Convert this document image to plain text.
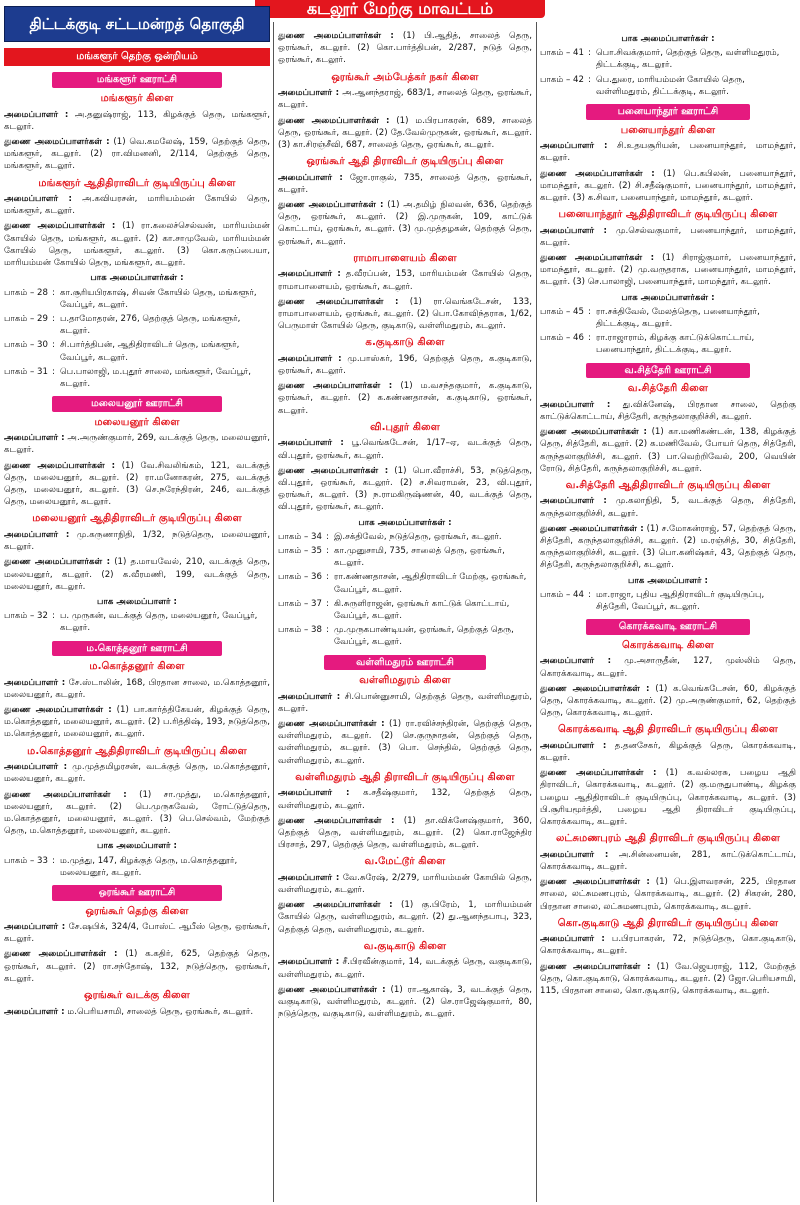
கடலூர் மேற்கு மாவட்டம்
திட்டக்குடி சட்டமன்றத் தொகுதி
மங்களூர் தெற்கு ஒன்றியம்
மங்களூர் ஊராட்சி
மங்களூர் கிளை
அமைப்பாளர் : அ.தனுஷ்ராஜ், 113, கிழக்குத் தெரு, மங்களூர், கடலூர்.
துணை அமைப்பாளர்கள் : (1) வெ.கமலேஷ், 159, தெற்குத் தெரு, மங்களூர், கடலூர். (2) ரா.விமனனி, 2/114, தெற்குத் தெரு, மங்களூர், கடலூர்.
மங்களூர் ஆதிதிராவிடர் குடியிருப்பு கிளை
அமைப்பாளர் : அ.கவியரசன், மாரியம்மன் கோயில் தெரு, மங்களூர், கடலூர்.
துணை அமைப்பாளர்கள் : (1) ரா.கலைச்செல்வன், மாரியம்மன் கோயில் தெரு, மங்களூர், கடலூர். (2) கா.சாமுவேல், மாரியம்மன் கோயில் தெரு, மங்களூர், கடலூர். (3) கொ.கருப்பையா, மாரியம்மன் கோயில் தெரு, மங்களூர், கடலூர்.
பாக அமைப்பாளர்கள் :
பாகம் – 28 : கா.சூரியபிரகாஷ், சிவன் கோயில் தெரு, மங்களூர், வேப்பூர், கடலூர்.
பாகம் – 29 : ப.தாமோதரன், 276, தெற்குத் தெரு, மங்களூர், கடலூர்.
பாகம் – 30 : சி.பார்த்திபன், ஆதிதிராவிடர் தெரு, மங்களூர், வேப்பூர், கடலூர்.
பாகம் – 31 : பெ.பாலாஜி, ம.புதூர் சாலை, மங்களூர், வேப்பூர், கடலூர்.
மலையனூர் ஊராட்சி
மலையனூர் கிளை
அமைப்பாளர் : அ.அருண்குமார், 269, வடக்குத் தெரு, மலையனூர், கடலூர்.
துணை அமைப்பாளர்கள் : (1) வே.சிவலிங்கம், 121, வடக்குத் தெரு, மலையனூர், கடலூர். (2) ரா.மனோகரன், 275, வடக்குத் தெரு, மலையனூர், கடலூர். (3) செ.நரேந்திரன், 246, வடக்குத் தெரு, மலையனூர், கடலூர்.
மலையனூர் ஆதிதிராவிடர் குடியிருப்பு கிளை
அமைப்பாளர் : மு.கருணாநிதி, 1/32, நடுத்தெரு, மலையனூர், கடலூர்.
துணை அமைப்பாளர்கள் : (1) த.மாயவேல், 210, வடக்குத் தெரு, மலையனூர், கடலூர். (2) க.வீரமணி, 199, வடக்குத் தெரு, மலையனூர், கடலூர்.
பாக அமைப்பாளர் :
பாகம் – 32 : ப. முருகன், வடக்குத் தெரு, மலையனூர், வேப்பூர், கடலூர்.
ம.கொத்தனூர் ஊராட்சி
ம.கொத்தனூர் கிளை
அமைப்பாளர் : சே.ஸ்டாலின், 168, பிரதான சாலை, ம.கொத்தனூர், மலையனூர், கடலூர்.
துணை அமைப்பாளர்கள் : (1) பா.கார்த்திகேயன், கிழக்குத் தெரு, ம.கொத்தனூர், மலையனூர், கடலூர். (2) ப.ரித்திஷ், 193, நடுத்தெரு, ம.கொத்தனூர், மலையனூர், கடலூர்.
ம.கொத்தனூர் ஆதிதிராவிடர் குடியிருப்பு கிளை
அமைப்பாளர் : மு.முத்தமிழரசன், வடக்குத் தெரு, ம.கொத்தனூர், மலையனூர், கடலூர்.
துணை அமைப்பாளர்கள் : (1) சா.முத்து, ம.கொத்தனூர், மலையனூர், கடலூர். (2) பெ.முருகவேல், ரோட்டுத்தெரு, ம.கொத்தனூர், மலையனூர், கடலூர். (3) பெ.செல்வம், மேற்குத் தெரு, ம.கொத்தனூர், மலையனூர், கடலூர்.
பாக அமைப்பாளர் :
பாகம் – 33 : ம.முத்து, 147, கிழக்குத் தெரு, ம.கொத்தனூர், மலையனூர், கடலூர்.
ஒரங்கூர் ஊராட்சி
ஒரங்கூர் தெற்கு கிளை
அமைப்பாளர் : சே.ஷபிக், 324/4, போஸ்ட் ஆபீஸ் தெரு, ஒரங்கூர், கடலூர்.
துணை அமைப்பாளர்கள் : (1) க.கதிர், 625, தெற்குத் தெரு, ஒரங்கூர், கடலூர். (2) ரா.சந்தோஷ், 132, நடுத்தெரு, ஒரங்கூர், கடலூர்.
ஒரங்கூர் வடக்கு கிளை
அமைப்பாளர் : ம.பெரியசாமி, சாலைத் தெரு, ஒரங்கூர், கடலூர்.
துணை அமைப்பாளர்கள் : (1) பி.ஆதித், சாலைத் தெரு, ஒரங்கூர், கடலூர். (2) கொ.பார்த்திபன், 2/287, நடுத் தெரு, ஒரங்கூர், கடலூர்.
ஒரங்கூர் அம்பேத்கர் நகர் கிளை
அமைப்பாளர் : அ.ஆனந்தராஜ், 683/1, சாலைத் தெரு, ஒரங்கூர், கடலூர்.
துணை அமைப்பாளர்கள் : (1) ம.பிரபாகரன், 689, சாலைத் தெரு, ஒரங்கூர், கடலூர். (2) தே.வேல்முருகன், ஒரங்கூர், கடலூர். (3) கா.சிரஞ்சீவி, 687, சாலைத் தெரு, ஒரங்கூர், கடலூர்.
ஒரங்கூர் ஆதி திராவிடர் குடியிருப்பு கிளை
அமைப்பாளர் : ஜோ.ராகுல், 735, சாலைத் தெரு, ஒரங்கூர், கடலூர்.
துணை அமைப்பாளர்கள் : (1) அ.தமிழ் நிலவன், 636, தெற்குத் தெரு, ஒரங்கூர், கடலூர். (2) இ.முருகன், 109, காட்டுக் கொட்டாய், ஒரங்கூர், கடலூர். (3) மு.முத்தழகன், தெற்குத் தெரு, ஒரங்கூர், கடலூர்.
ராமாபாளையம் கிளை
அமைப்பாளர் : த.வீரப்பன், 153, மாரியம்மன் கோயில் தெரு, ராமாபாளையம், ஒரங்கூர், கடலூர்.
துணை அமைப்பாளர்கள் : (1) ரா.வெங்கடேசன், 133, ராமாபாளையம், ஒரங்கூர், கடலூர். (2) பொ.கோவிந்தராசு, 1/62, பெருமாள் கோயில் தெரு, குடிகாடு, வள்ளிமதுரம், கடலூர்.
க.குடிகாடு கிளை
அமைப்பாளர் : மு.பாஸ்கர், 196, தெற்குத் தெரு, க.குடிகாடு, ஒரங்கூர், கடலூர்.
துணை அமைப்பாளர்கள் : (1) ம.வசந்தகுமார், க.குடிகாடு, ஒரங்கூர், கடலூர். (2) க.கண்ணதாசன், க.குடிகாடு, ஒரங்கூர், கடலூர்.
வி.புதூர் கிளை
அமைப்பாளர் : பூ.வெங்கடேசன், 1/17–ஏ, வடக்குத் தெரு, வி.புதூர், ஒரங்கூர், கடலூர்.
துணை அமைப்பாளர்கள் : (1) பொ.வீராச்சி, 53, நடுத்தெரு, வி.புதூர், ஒரங்கூர், கடலூர். (2) ச.சிவராமன், 23, வி.புதூர், ஒரங்கூர், கடலூர். (3) ந.ராமகிருஷ்ணன், 40, வடக்குத் தெரு, வி.புதூர், ஒரங்கூர், கடலூர்.
பாக அமைப்பாளர்கள் :
பாகம் – 34 : இ.சக்திவேல், நடுத்தெரு, ஒரங்கூர், கடலூர்.
பாகம் – 35 : கா.முனுசாமி, 735, சாலைத் தெரு, ஒரங்கூர், கடலூர்.
பாகம் – 36 : ரா.கண்ணதாசன், ஆதிதிராவிடர் மேற்கு, ஒரங்கூர், வேப்பூர், கடலூர்.
பாகம் – 37 : கி.சுருளிராஜன், ஒரங்கூர் காட்டுக் கொட்டாய், வேப்பூர், கடலூர்.
பாகம் – 38 : மு.முருகபாண்டியன், ஒரங்கூர், தெற்குத் தெரு, வேப்பூர், கடலூர்.
வள்ளிமதுரம் ஊராட்சி
வள்ளிமதுரம் கிளை
அமைப்பாளர் : சி.பொன்னுசாமி, தெற்குத் தெரு, வள்ளிமதுரம், கடலூர்.
துணை அமைப்பாளர்கள் : (1) ரா.ரவிச்சந்திரன், தெற்குத் தெரு, வள்ளிமதுரம், கடலூர். (2) செ.குருநாதன், தெற்குத் தெரு, வள்ளிமதுரம், கடலூர். (3) பொ. செந்தில், தெற்குத் தெரு, வள்ளிமதுரம், கடலூர்.
வள்ளிமதுரம் ஆதி திராவிடர் குடியிருப்பு கிளை
அமைப்பாளர் : க.சதீஷ்குமார், 132, தெற்குத் தெரு, வள்ளிமதுரம், கடலூர்.
துணை அமைப்பாளர்கள் : (1) தா.விக்னேஷ்குமார், 360, தெற்குத் தெரு, வள்ளிமதுரம், கடலூர். (2) கொ.ராஜேந்திர பிரசாத், 297, தெற்குத் தெரு, வள்ளிமதுரம், கடலூர்.
வ.மேட்டூர் கிளை
அமைப்பாளர் : வே.சுரேஷ், 2/279, மாரியம்மன் கோயில் தெரு, வள்ளிமதுரம், கடலூர்.
துணை அமைப்பாளர்கள் : (1) கு.பிரேம், 1, மாரியம்மன் கோயில் தெரு, வள்ளிமதுரம், கடலூர். (2) து.ஆனந்தபாபு, 323, தெற்குத் தெரு, வள்ளிமதுரம், கடலூர்.
வ.குடிகாடு கிளை
அமைப்பாளர் : சீ.பிரவீன்குமார், 14, வடக்குத் தெரு, வகுடிகாடு, வள்ளிமதுரம், கடலூர்.
துணை அமைப்பாளர்கள் : (1) ரா.ஆகாஷ், 3, வடக்குத் தெரு, வகுடிகாடு, வள்ளிமதுரம், கடலூர். (2) செ.ராஜேஷ்குமார், 80, நடுத்தெரு, வகுடிகாடு, வள்ளிமதுரம், கடலூர்.
பாக அமைப்பாளர்கள் :
பாகம் – 41 : பொ.சிவக்குமார், தெற்குத் தெரு, வள்ளிமதுரம், திட்டக்குடி, கடலூர்.
பாகம் – 42 : பெ.துரை, மாரியம்மன் கோயில் தெரு, வள்ளிமதுரம், திட்டக்குடி, கடலூர்.
பனையாந்தூர் ஊராட்சி
பனையாந்தூர் கிளை
அமைப்பாளர் : சி.உதயசூரியன், பனையாந்தூர், மாமந்தூர், கடலூர்.
துணை அமைப்பாளர்கள் : (1) பெ.கபிலன், பனையாந்தூர், மாமந்தூர், கடலூர். (2) சி.சதீஷ்குமார், பனையாந்தூர், மாமந்தூர், கடலூர். (3) க.சிவா, பனையாந்தூர், மாமந்தூர், கடலூர்.
பனையாந்தூர் ஆதிதிராவிடர் குடியிருப்பு கிளை
அமைப்பாளர் : மு.செல்வகுமார், பனையாந்தூர், மாமந்தூர், கடலூர்.
துணை அமைப்பாளர்கள் : (1) சிராஜ்குமார், பனையாந்தூர், மாமந்தூர், கடலூர். (2) மு.வருதராக, பனையாந்தூர், மாமந்தூர், கடலூர். (3) செ.பாலாஜி, பனையாந்தூர், மாமந்தூர், கடலூர்.
பாக அமைப்பாளர்கள் :
பாகம் – 45 : ரா.சக்திவேல், மேலத்தெரு, பனையாந்தூர், திட்டக்குடி, கடலூர்.
பாகம் – 46 : ரா.ராஜாராம், கிழக்கு காட்டுக்கொட்டாய், பனையாந்தூர், திட்டக்குடி, கடலூர்.
வ.சித்தேரி ஊராட்சி
வ.சித்தேரி கிளை
அமைப்பாளர் : து.விக்னேஷ், பிரதான சாலை, தெற்கு காட்டுக்கொட்டாய், சித்தேரி, கருந்தலாகுறிச்சி, கடலூர்.
துணை அமைப்பாளர்கள் : (1) கா.மணிகண்டன், 138, கிழக்குத் தெரு, சித்தேரி, கடலூர். (2) க.மணிவேல், போயர் தெரு, சித்தேரி, கருந்தலாகுறிச்சி, கடலூர். (3) பா.வெற்றிவேல், 200, வெயின் ரோடு, சித்தேரி, கருந்தலாகுறிச்சி, கடலூர்.
வ.சித்தேரி ஆதிதிராவிடர் குடியிருப்பு கிளை
அமைப்பாளர் : மு.கலாநிதி, 5, வடக்குத் தெரு, சித்தேரி, கருந்தலாகுறிச்சி, கடலூர்.
துணை அமைப்பாளர்கள் : (1) ச.மோகன்ராஜ், 57, தெற்குத் தெரு, சித்தேரி, கருந்தலாகுறிச்சி, கடலூர். (2) ம.ரஞ்சித், 30, சித்தேரி, கருந்தலாகுறிச்சி, கடலூர். (3) பொ.கனிஷ்கர், 43, தெற்குத் தெரு, சித்தேரி, கருந்தலாகுறிச்சி, கடலூர்.
பாக அமைப்பாளர் :
பாகம் – 44 : மா.ராஜா, புதிய ஆதிதிராவிடர் குடியிருப்பு, சித்தேரி, வேப்பூர், கடலூர்.
கொரக்கவாடி ஊராட்சி
கொரக்கவாடி கிளை
அமைப்பாளர் : மு.அசாருதீன், 127, முஸ்லிம் தெரு, கொரக்கவாடி, கடலூர்.
துணை அமைப்பாளர்கள் : (1) க.வெங்கடேசன், 60, கிழக்குத் தெரு, கொரக்கவாடி, கடலூர். (2) மு.அருண்குமார், 62, தெற்குத் தெரு, கொரக்கவாடி, கடலூர்.
கொரக்கவாடி ஆதி திராவிடர் குடியிருப்பு கிளை
அமைப்பாளர் : த.தனசேகர், கிழக்குத் தெரு, கொரக்கவாடி, கடலூர்.
துணை அமைப்பாளர்கள் : (1) க.வல்லரசு, பழைய ஆதி திராவிடர், கொரக்கவாடி, கடலூர். (2) கு.மருதுபாண்டி, கிழக்கு பழைய ஆதிதிராவிடர் குடியிருப்பு, கொரக்கவாடி, கடலூர். (3) பி.சூரியமூர்த்தி, பழைய ஆதி திராவிடர் குடியிருப்பு, கொரக்கவாடி, கடலூர்.
லட்சுமணபுரம் ஆதி திராவிடர் குடியிருப்பு கிளை
அமைப்பாளர் : அ.சின்னையன், 281, காட்டுக்கொட்டாய், கொரக்கவாடி, கடலூர்.
துணை அமைப்பாளர்கள் : (1) பெ.இளவரசன், 225, பிரதான சாலை, லட்சுமணபுரம், கொரக்கவாடி, கடலூர். (2) சிகரன், 280, பிரதான சாலை, லட்சுமணபுரம், கொரக்கவாடி, கடலூர்.
கொ.குடிகாடு ஆதி திராவிடர் குடியிருப்பு கிளை
அமைப்பாளர் : ப.பிரபாகரன், 72, நடுத்தெரு, கொ.குடிகாடு, கொரக்கவாடி, கடலூர்.
துணை அமைப்பாளர்கள் : (1) வே.ஜெயராஜ், 112, மேற்குத் தெரு, கொ.குடிகாடு, கொரக்கவாடி, கடலூர். (2) ஜோ.பெரியசாமி, 115, பிரதான சாலை, கொ.குடிகாடு, கொரக்கவாடி, கடலூர்.
